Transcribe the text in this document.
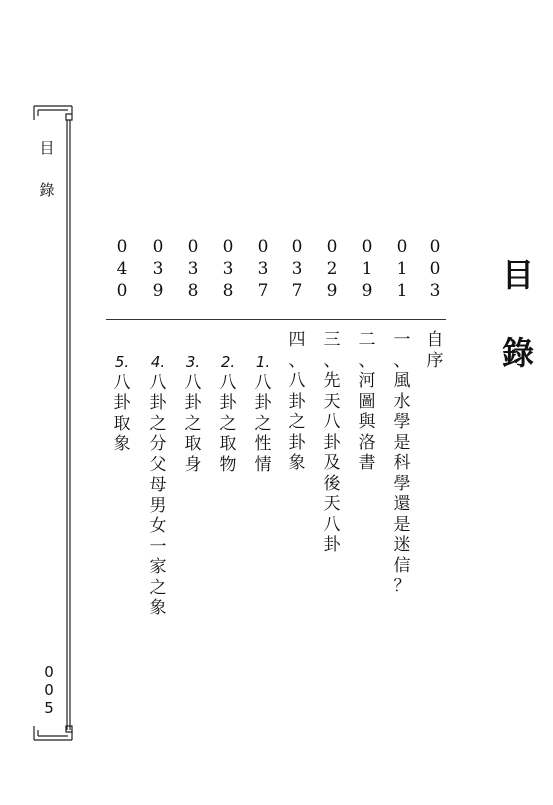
目
錄
0
0
5
目
錄
0
0
3
自
序
0
1
1
一
、
風
水
學
是
科
學
還
是
迷
信
？
0
1
9
二
、
河
圖
與
洛
書
0
2
9
三
、
先
天
八
卦
及
後
天
八
卦
0
3
7
四
、
八
卦
之
卦
象
0
3
7
1.
八
卦
之
性
情
0
3
8
2.
八
卦
之
取
物
0
3
8
3.
八
卦
之
取
身
0
3
9
4.
八
卦
之
分
父
母
男
女
一
家
之
象
0
4
0
5.
八
卦
取
象
